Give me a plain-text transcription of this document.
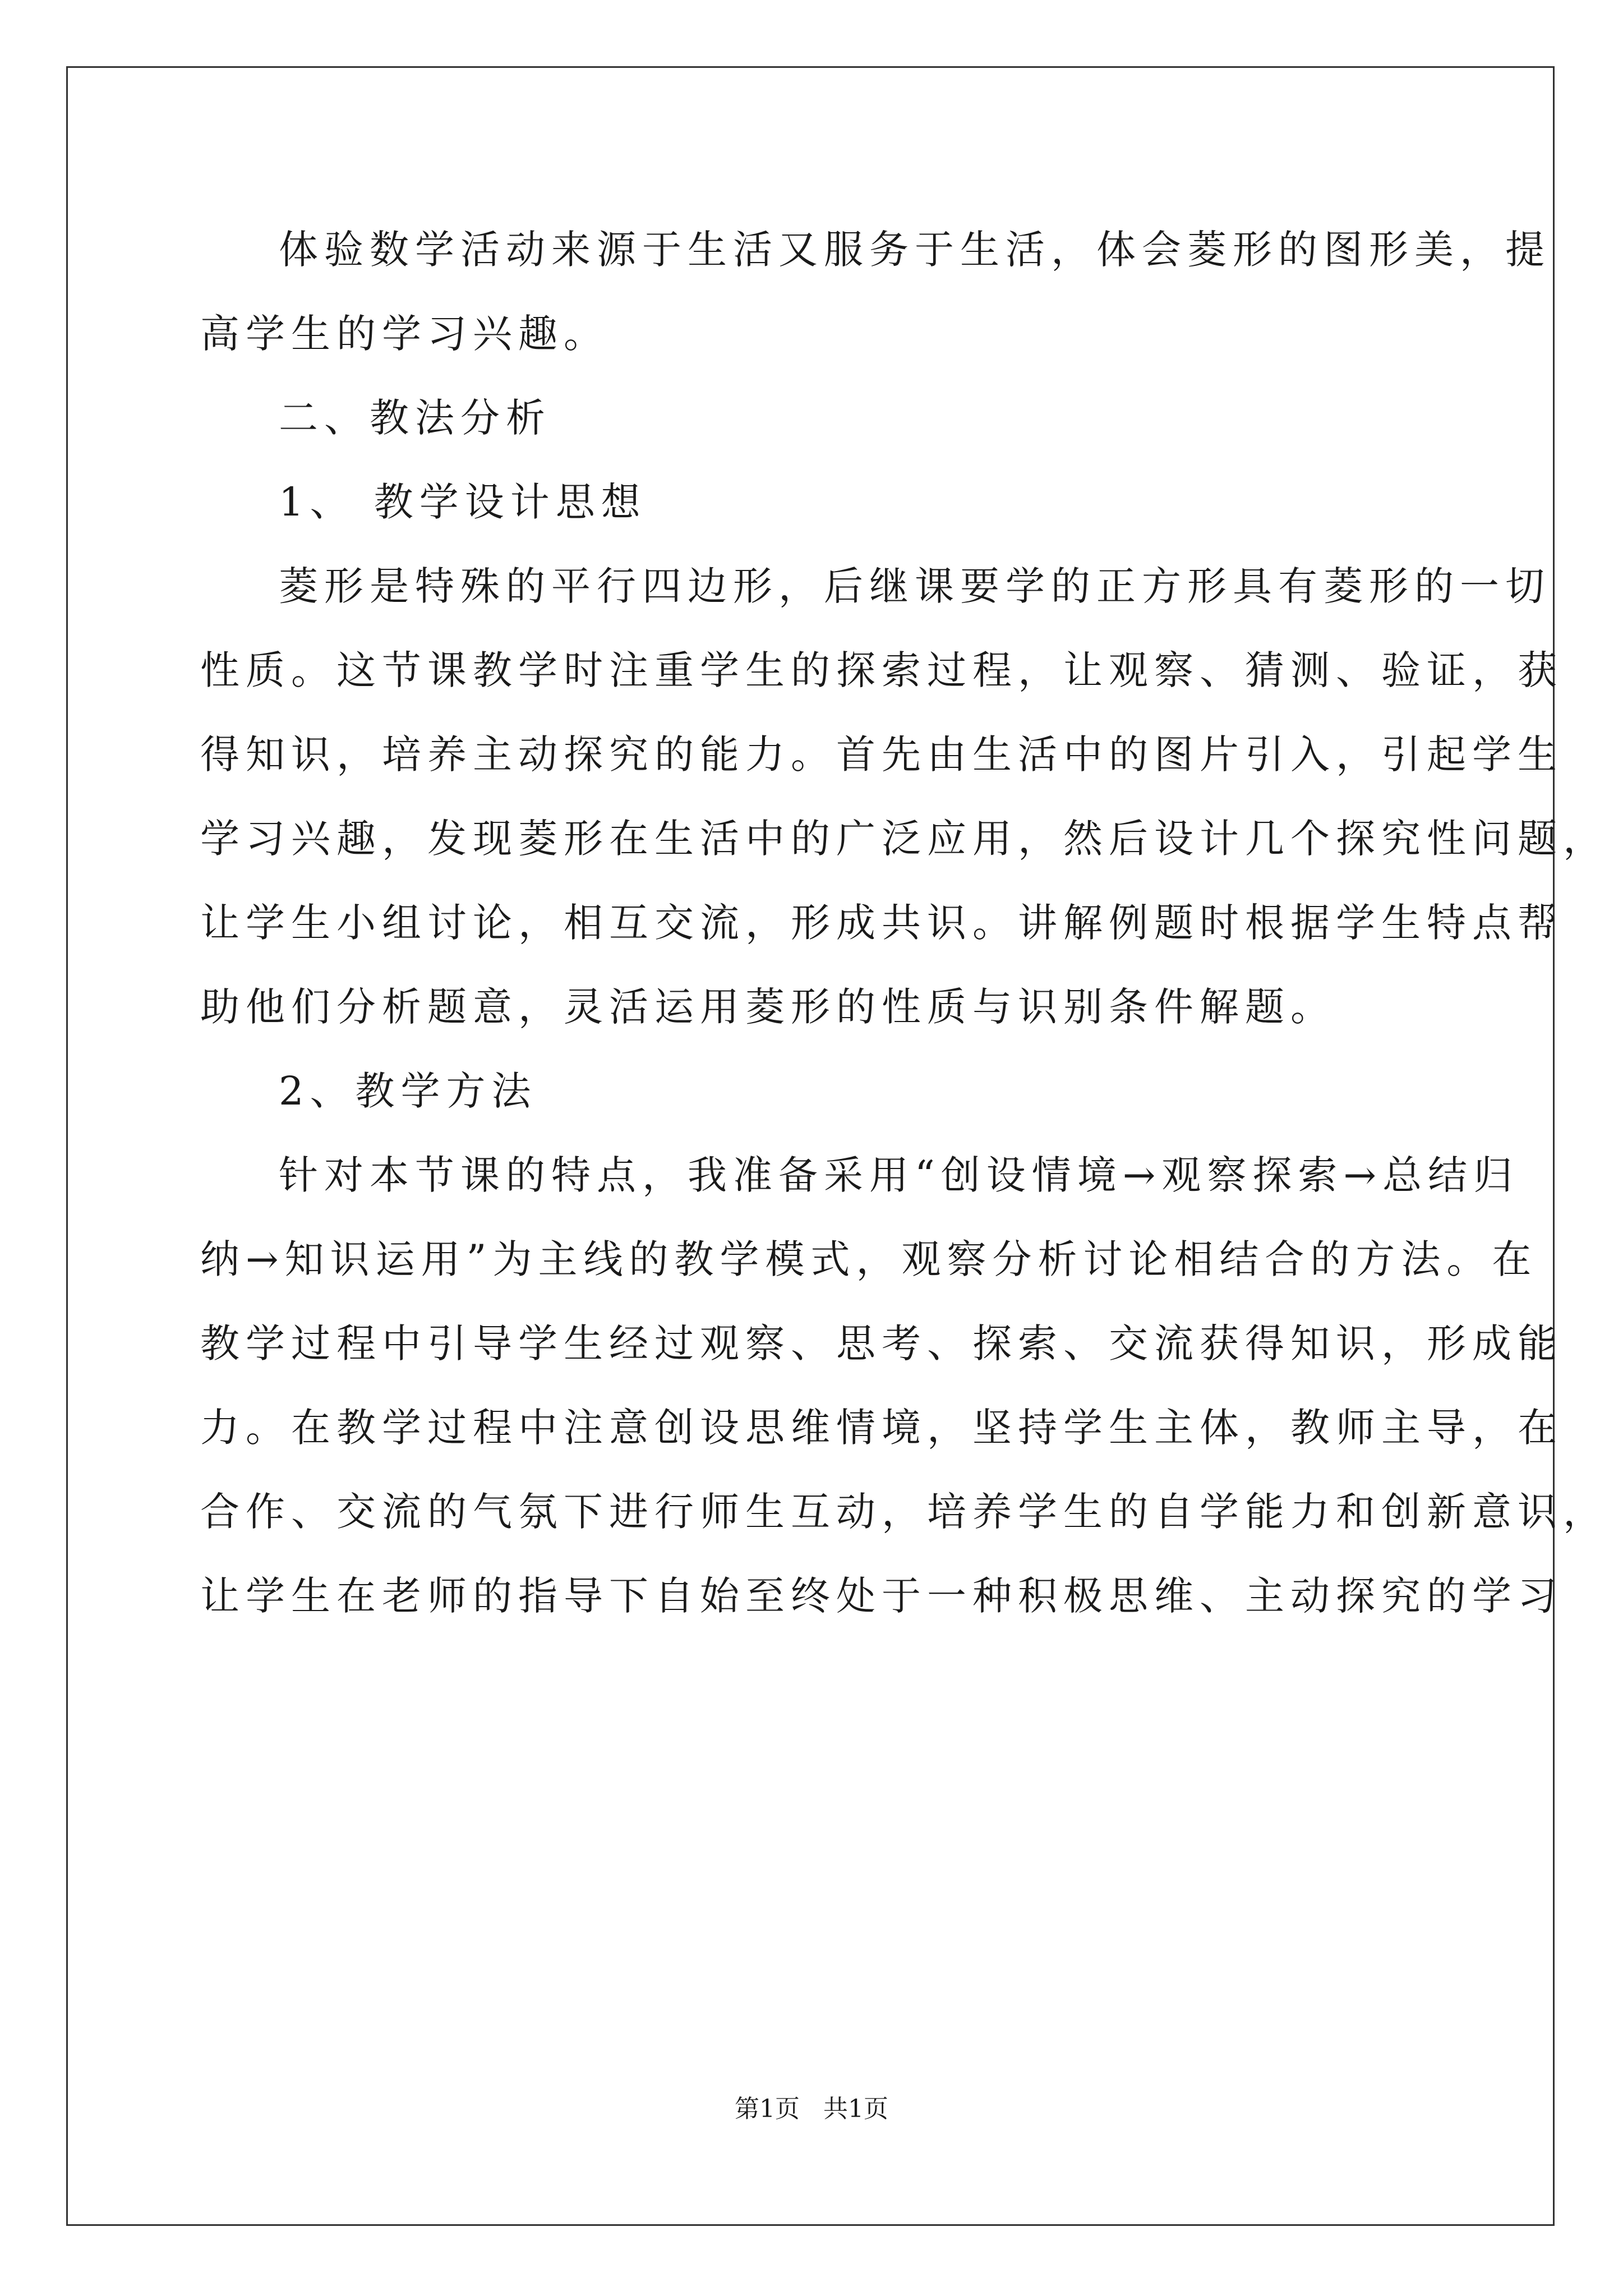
体验数学活动来源于生活又服务于生活，体会菱形的图形美，提
高学生的学习兴趣。
二、教法分析
1、 教学设计思想
菱形是特殊的平行四边形，后继课要学的正方形具有菱形的一切
性质。这节课教学时注重学生的探索过程，让观察、猜测、验证，获
得知识，培养主动探究的能力。首先由生活中的图片引入，引起学生
学习兴趣，发现菱形在生活中的广泛应用，然后设计几个探究性问题，
让学生小组讨论，相互交流，形成共识。讲解例题时根据学生特点帮
助他们分析题意，灵活运用菱形的性质与识别条件解题。
2、教学方法
针对本节课的特点，我准备采用“创设情境→观察探索→总结归
纳→知识运用”为主线的教学模式，观察分析讨论相结合的方法。在
教学过程中引导学生经过观察、思考、探索、交流获得知识，形成能
力。在教学过程中注意创设思维情境，坚持学生主体，教师主导，在
合作、交流的气氛下进行师生互动，培养学生的自学能力和创新意识，
让学生在老师的指导下自始至终处于一种积极思维、主动探究的学习
第1页 共1页
